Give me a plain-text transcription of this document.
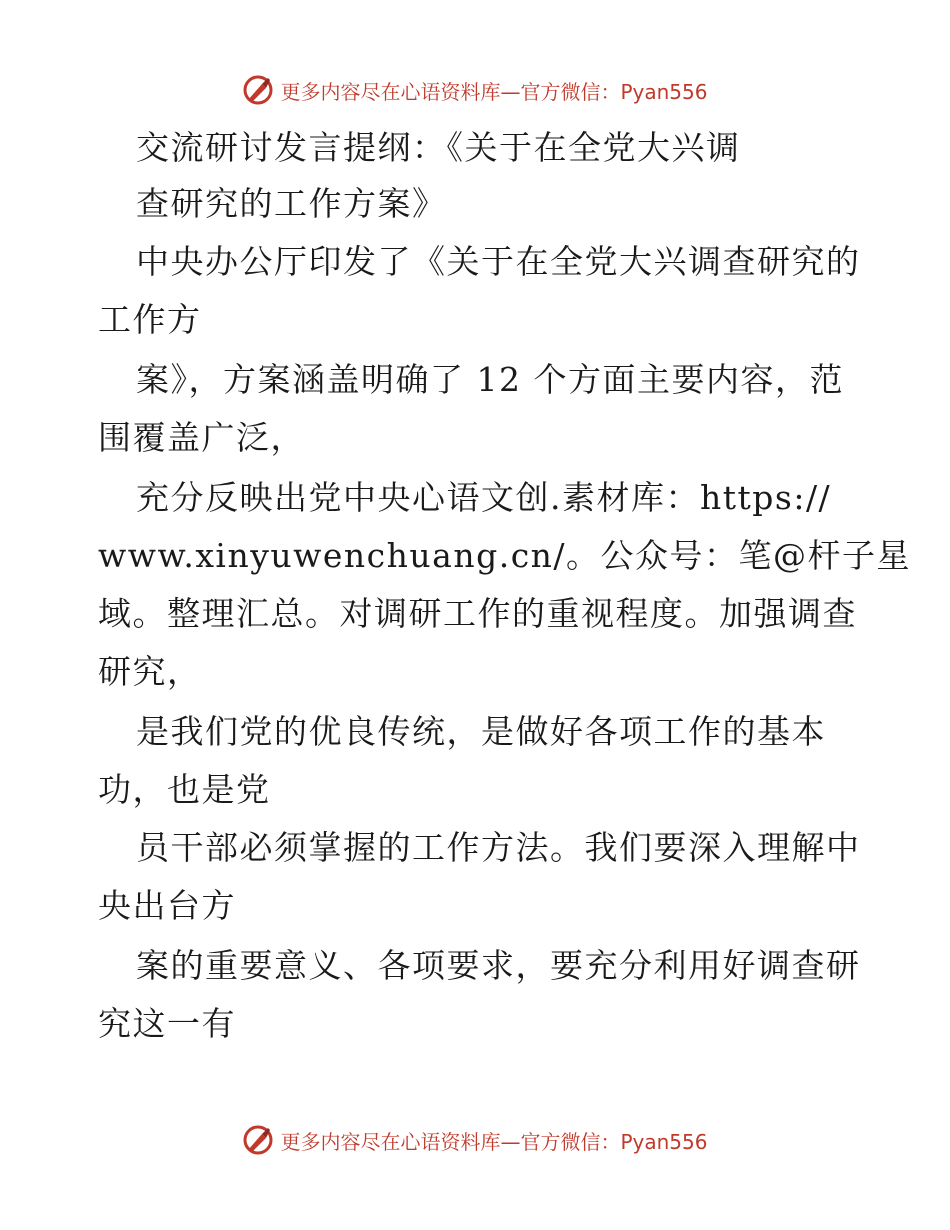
更多内容尽在心语资料库—官方微信：Pyan556
交流研讨发言提纲：《关于在全党大兴调
查研究的工作方案》
中央办公厅印发了《关于在全党大兴调查研究的
工作方
案》，方案涵盖明确了 12 个方面主要内容，范
围覆盖广泛，
充分反映出党中央心语文创.素材库：https://
www.xinyuwenchuang.cn/。公众号：笔@杆子星
域。整理汇总。对调研工作的重视程度。加强调查
研究，
是我们党的优良传统，是做好各项工作的基本
功，也是党
员干部必须掌握的工作方法。我们要深入理解中
央出台方
案的重要意义、各项要求，要充分利用好调查研
究这一有
更多内容尽在心语资料库—官方微信：Pyan556
